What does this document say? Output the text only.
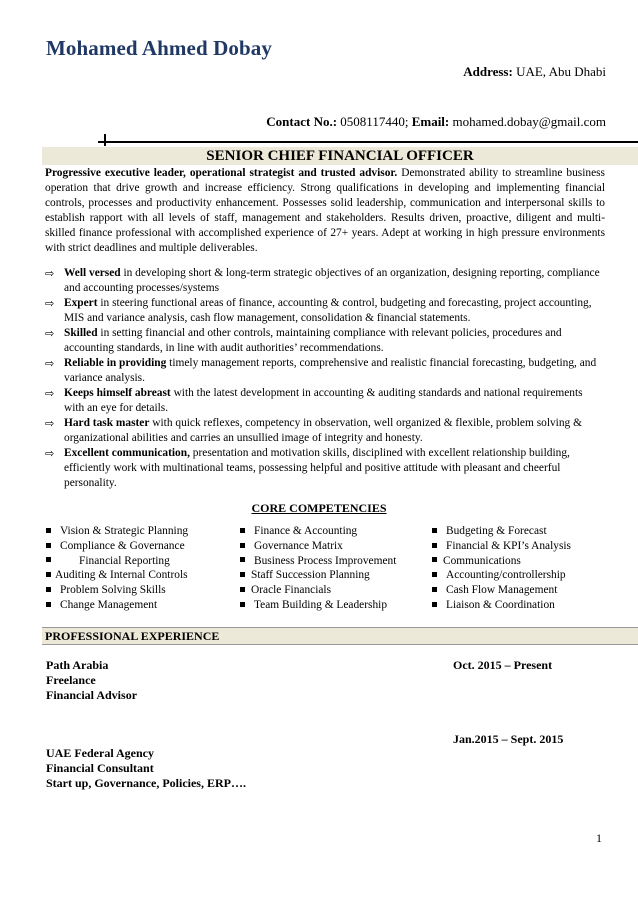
Mohamed Ahmed Dobay
Address: UAE, Abu Dhabi
Contact No.: 0508117440; Email: mohamed.dobay@gmail.com
SENIOR CHIEF FINANCIAL OFFICER
Progressive executive leader, operational strategist and trusted advisor. Demonstrated ability to streamline business operation that drive growth and increase efficiency. Strong qualifications in developing and implementing financial controls, processes and productivity enhancement. Possesses solid leadership, communication and interpersonal skills to establish rapport with all levels of staff, management and stakeholders. Results driven, proactive, diligent and multi-skilled finance professional with accomplished experience of 27+ years. Adept at working in high pressure environments with strict deadlines and multiple deliverables.
⇨ Well versed in developing short & long-term strategic objectives of an organization, designing reporting, compliance and accounting processes/systems
⇨ Expert in steering functional areas of finance, accounting & control, budgeting and forecasting, project accounting, MIS and variance analysis, cash flow management, consolidation & financial statements.
⇨ Skilled in setting financial and other controls, maintaining compliance with relevant policies, procedures and accounting standards, in line with audit authorities’ recommendations.
⇨ Reliable in providing timely management reports, comprehensive and realistic financial forecasting, budgeting, and variance analysis.
⇨ Keeps himself abreast with the latest development in accounting & auditing standards and national requirements with an eye for details.
⇨ Hard task master with quick reflexes, competency in observation, well organized & flexible, problem solving & organizational abilities and carries an unsullied image of integrity and honesty.
⇨ Excellent communication, presentation and motivation skills, disciplined with excellent relationship building, efficiently work with multinational teams, possessing helpful and positive attitude with pleasant and cheerful personality.
CORE COMPETENCIES
Vision & Strategic Planning
Compliance & Governance
Financial Reporting
Auditing & Internal Controls
Problem Solving Skills
Change Management
Finance & Accounting
Governance Matrix
Business Process Improvement
Staff Succession Planning
Oracle Financials
Team Building & Leadership
Budgeting & Forecast
Financial & KPI’s Analysis
Communications
Accounting/controllership
Cash Flow Management
Liaison & Coordination
PROFESSIONAL EXPERIENCE
Path Arabia
Freelance
Financial Advisor
Oct. 2015 – Present
Jan.2015 – Sept. 2015
UAE Federal Agency
Financial Consultant
Start up, Governance, Policies, ERP….
1
